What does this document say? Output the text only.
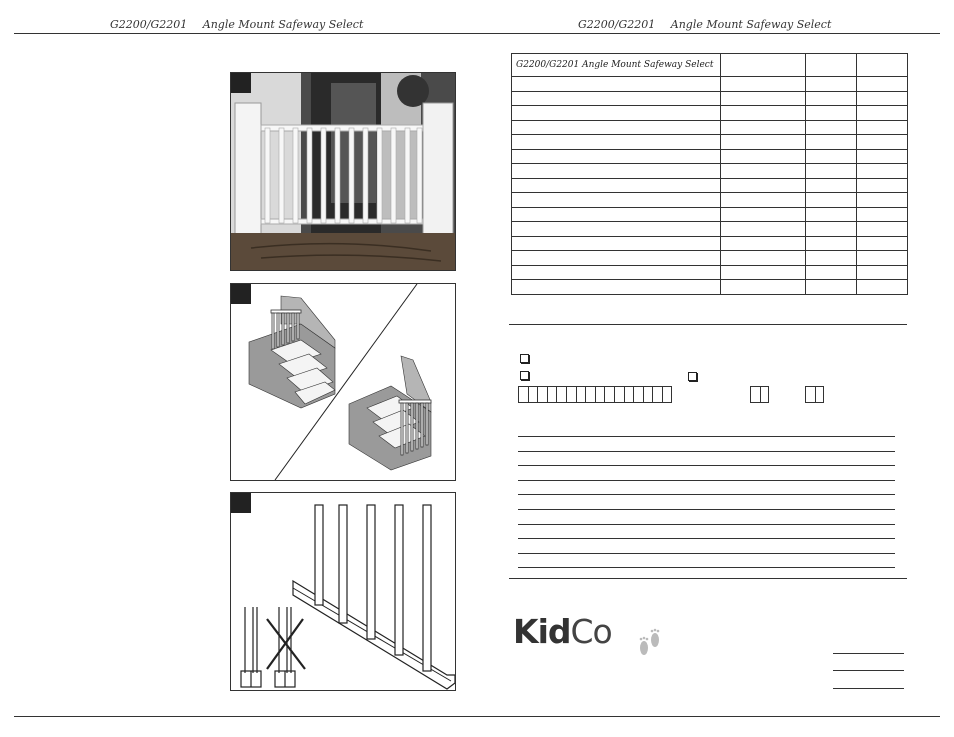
G2200/G2201 Angle Mount Safeway Select	G2200/G2201 Angle Mount Safeway Select
G2200/G2201 Angle Mount Safeway Select			

KidCo
